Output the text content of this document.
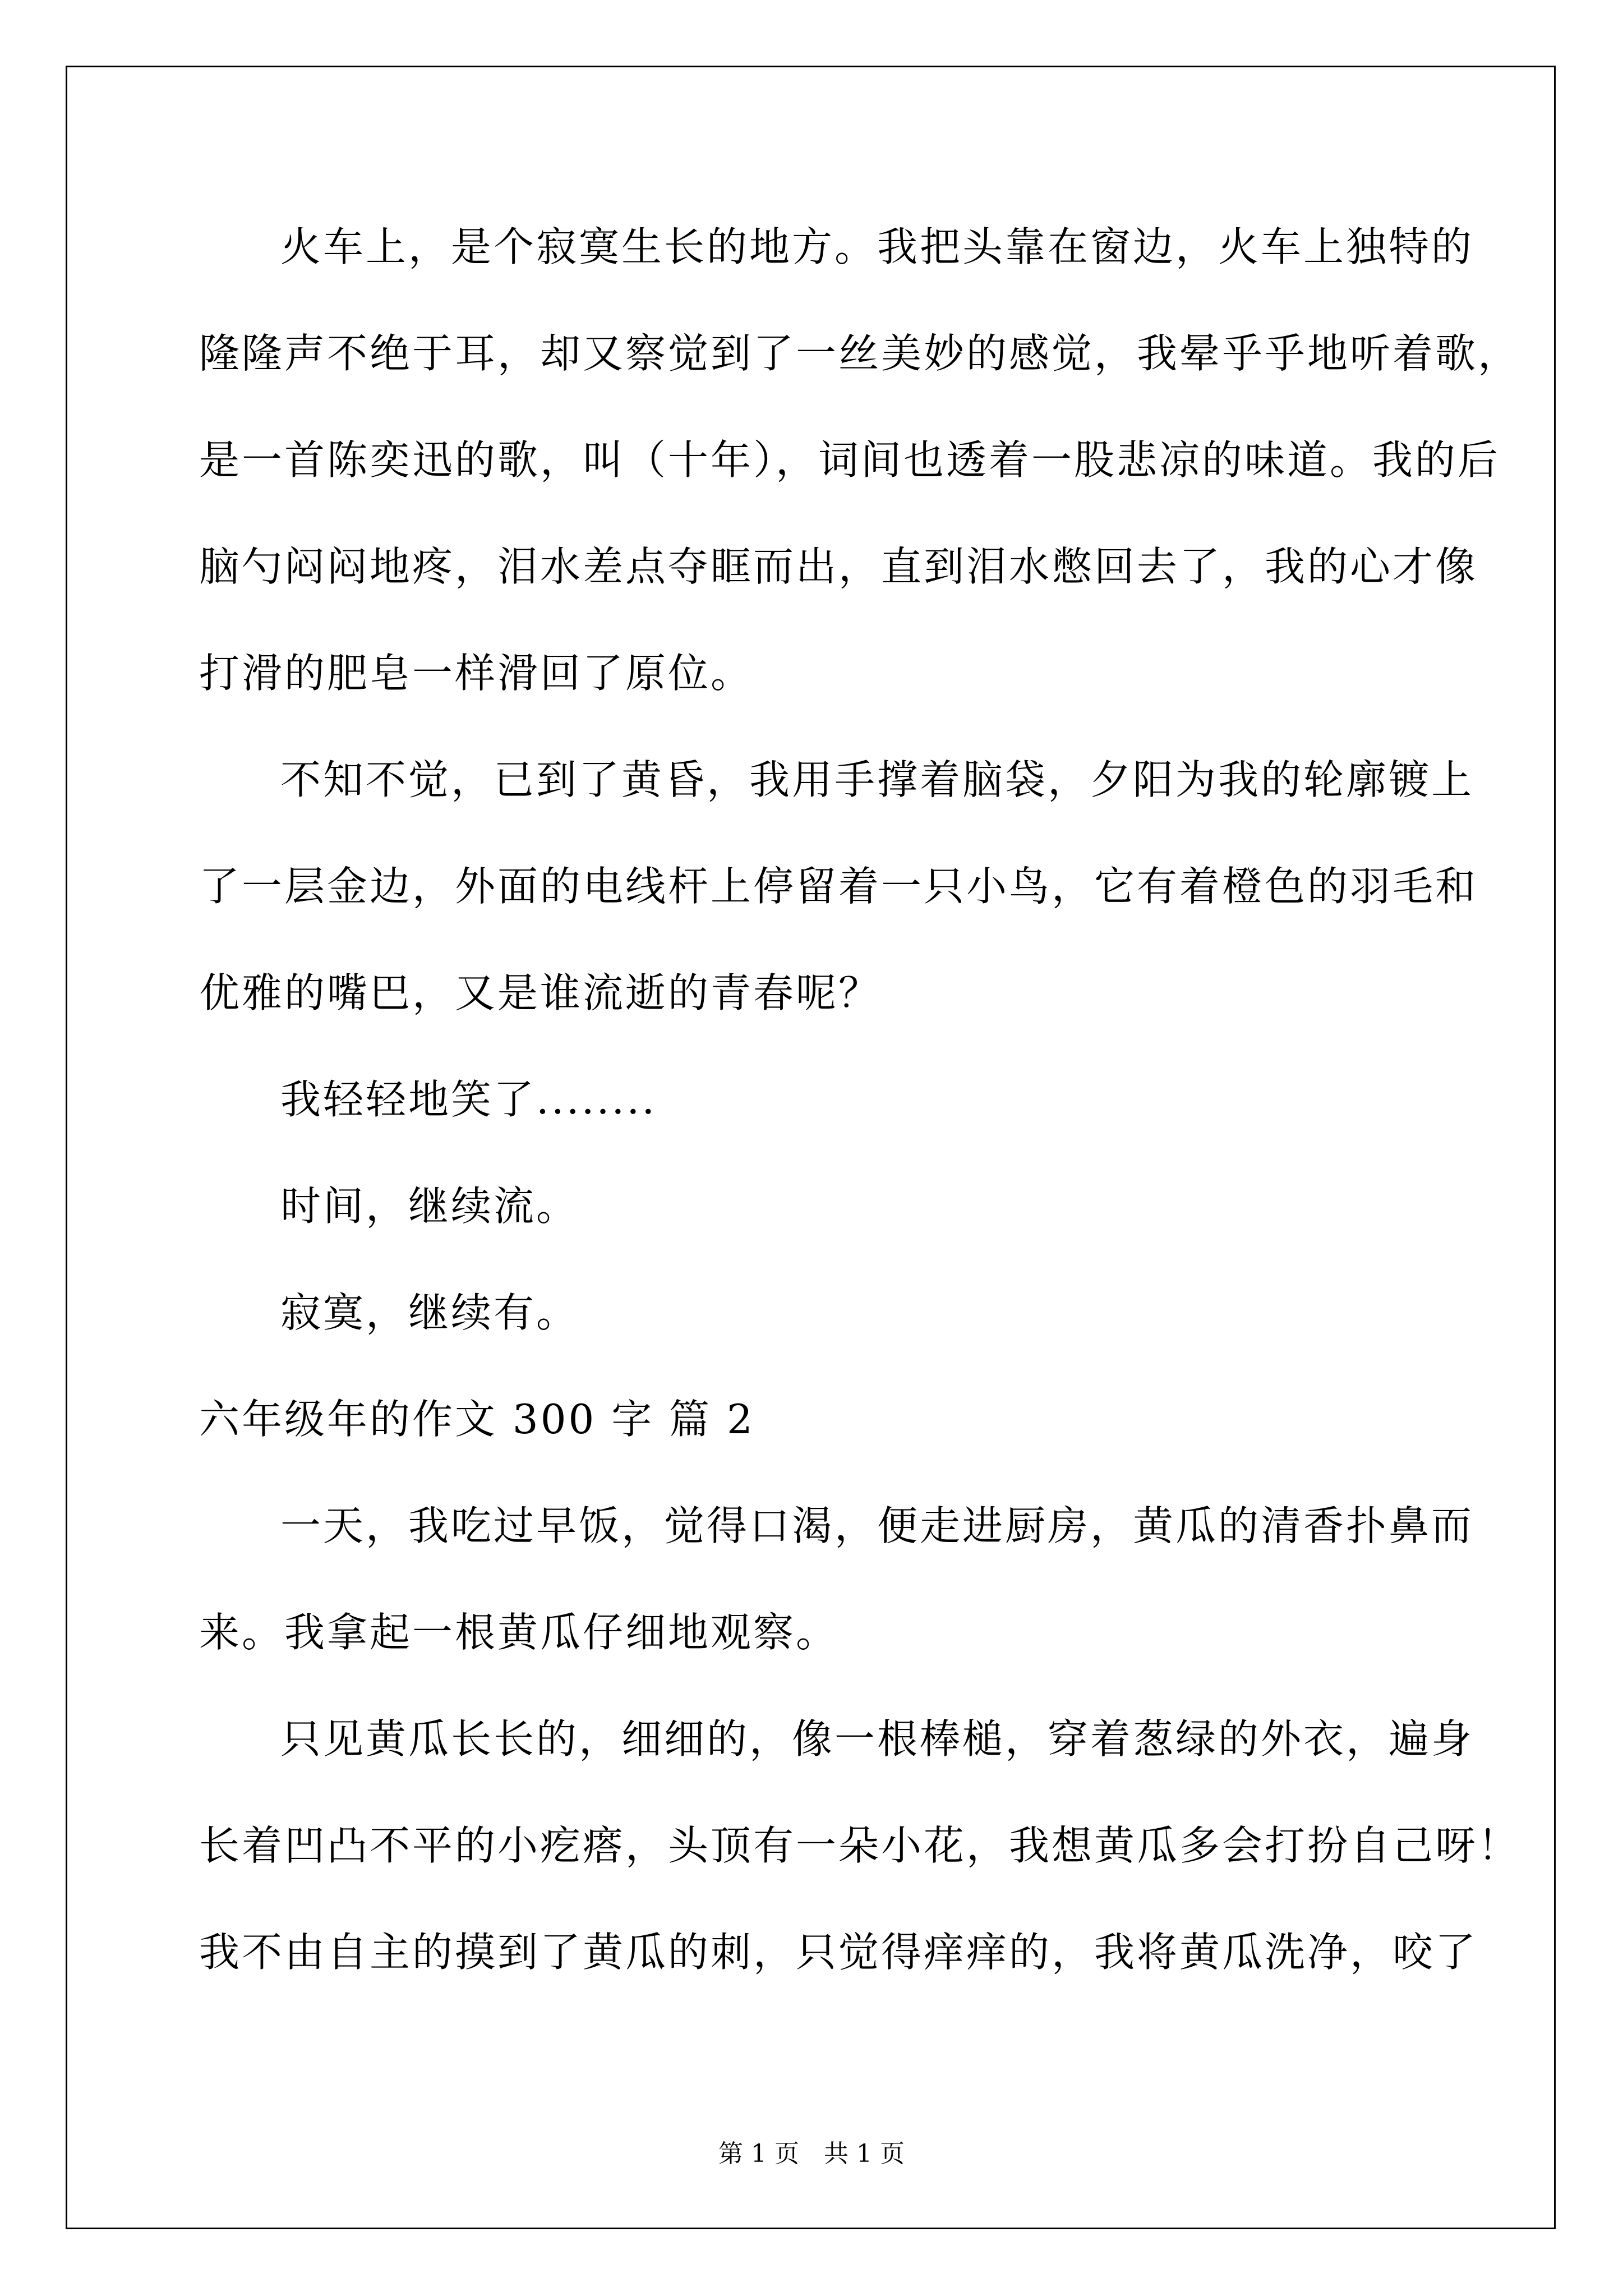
火车上，是个寂寞生长的地方。我把头靠在窗边，火车上独特的
隆隆声不绝于耳，却又察觉到了一丝美妙的感觉，我晕乎乎地听着歌，
是一首陈奕迅的歌，叫（十年），词间也透着一股悲凉的味道。我的后
脑勺闷闷地疼，泪水差点夺眶而出，直到泪水憋回去了，我的心才像
打滑的肥皂一样滑回了原位。
不知不觉，已到了黄昏，我用手撑着脑袋，夕阳为我的轮廓镀上
了一层金边，外面的电线杆上停留着一只小鸟，它有着橙色的羽毛和
优雅的嘴巴，又是谁流逝的青春呢？
我轻轻地笑了........
时间，继续流。
寂寞，继续有。
六年级年的作文 300 字 篇 2
一天，我吃过早饭，觉得口渴，便走进厨房，黄瓜的清香扑鼻而
来。我拿起一根黄瓜仔细地观察。
只见黄瓜长长的，细细的，像一根棒槌，穿着葱绿的外衣，遍身
长着凹凸不平的小疙瘩，头顶有一朵小花，我想黄瓜多会打扮自己呀！
我不由自主的摸到了黄瓜的刺，只觉得痒痒的，我将黄瓜洗净，咬了
第 1 页　共 1 页
